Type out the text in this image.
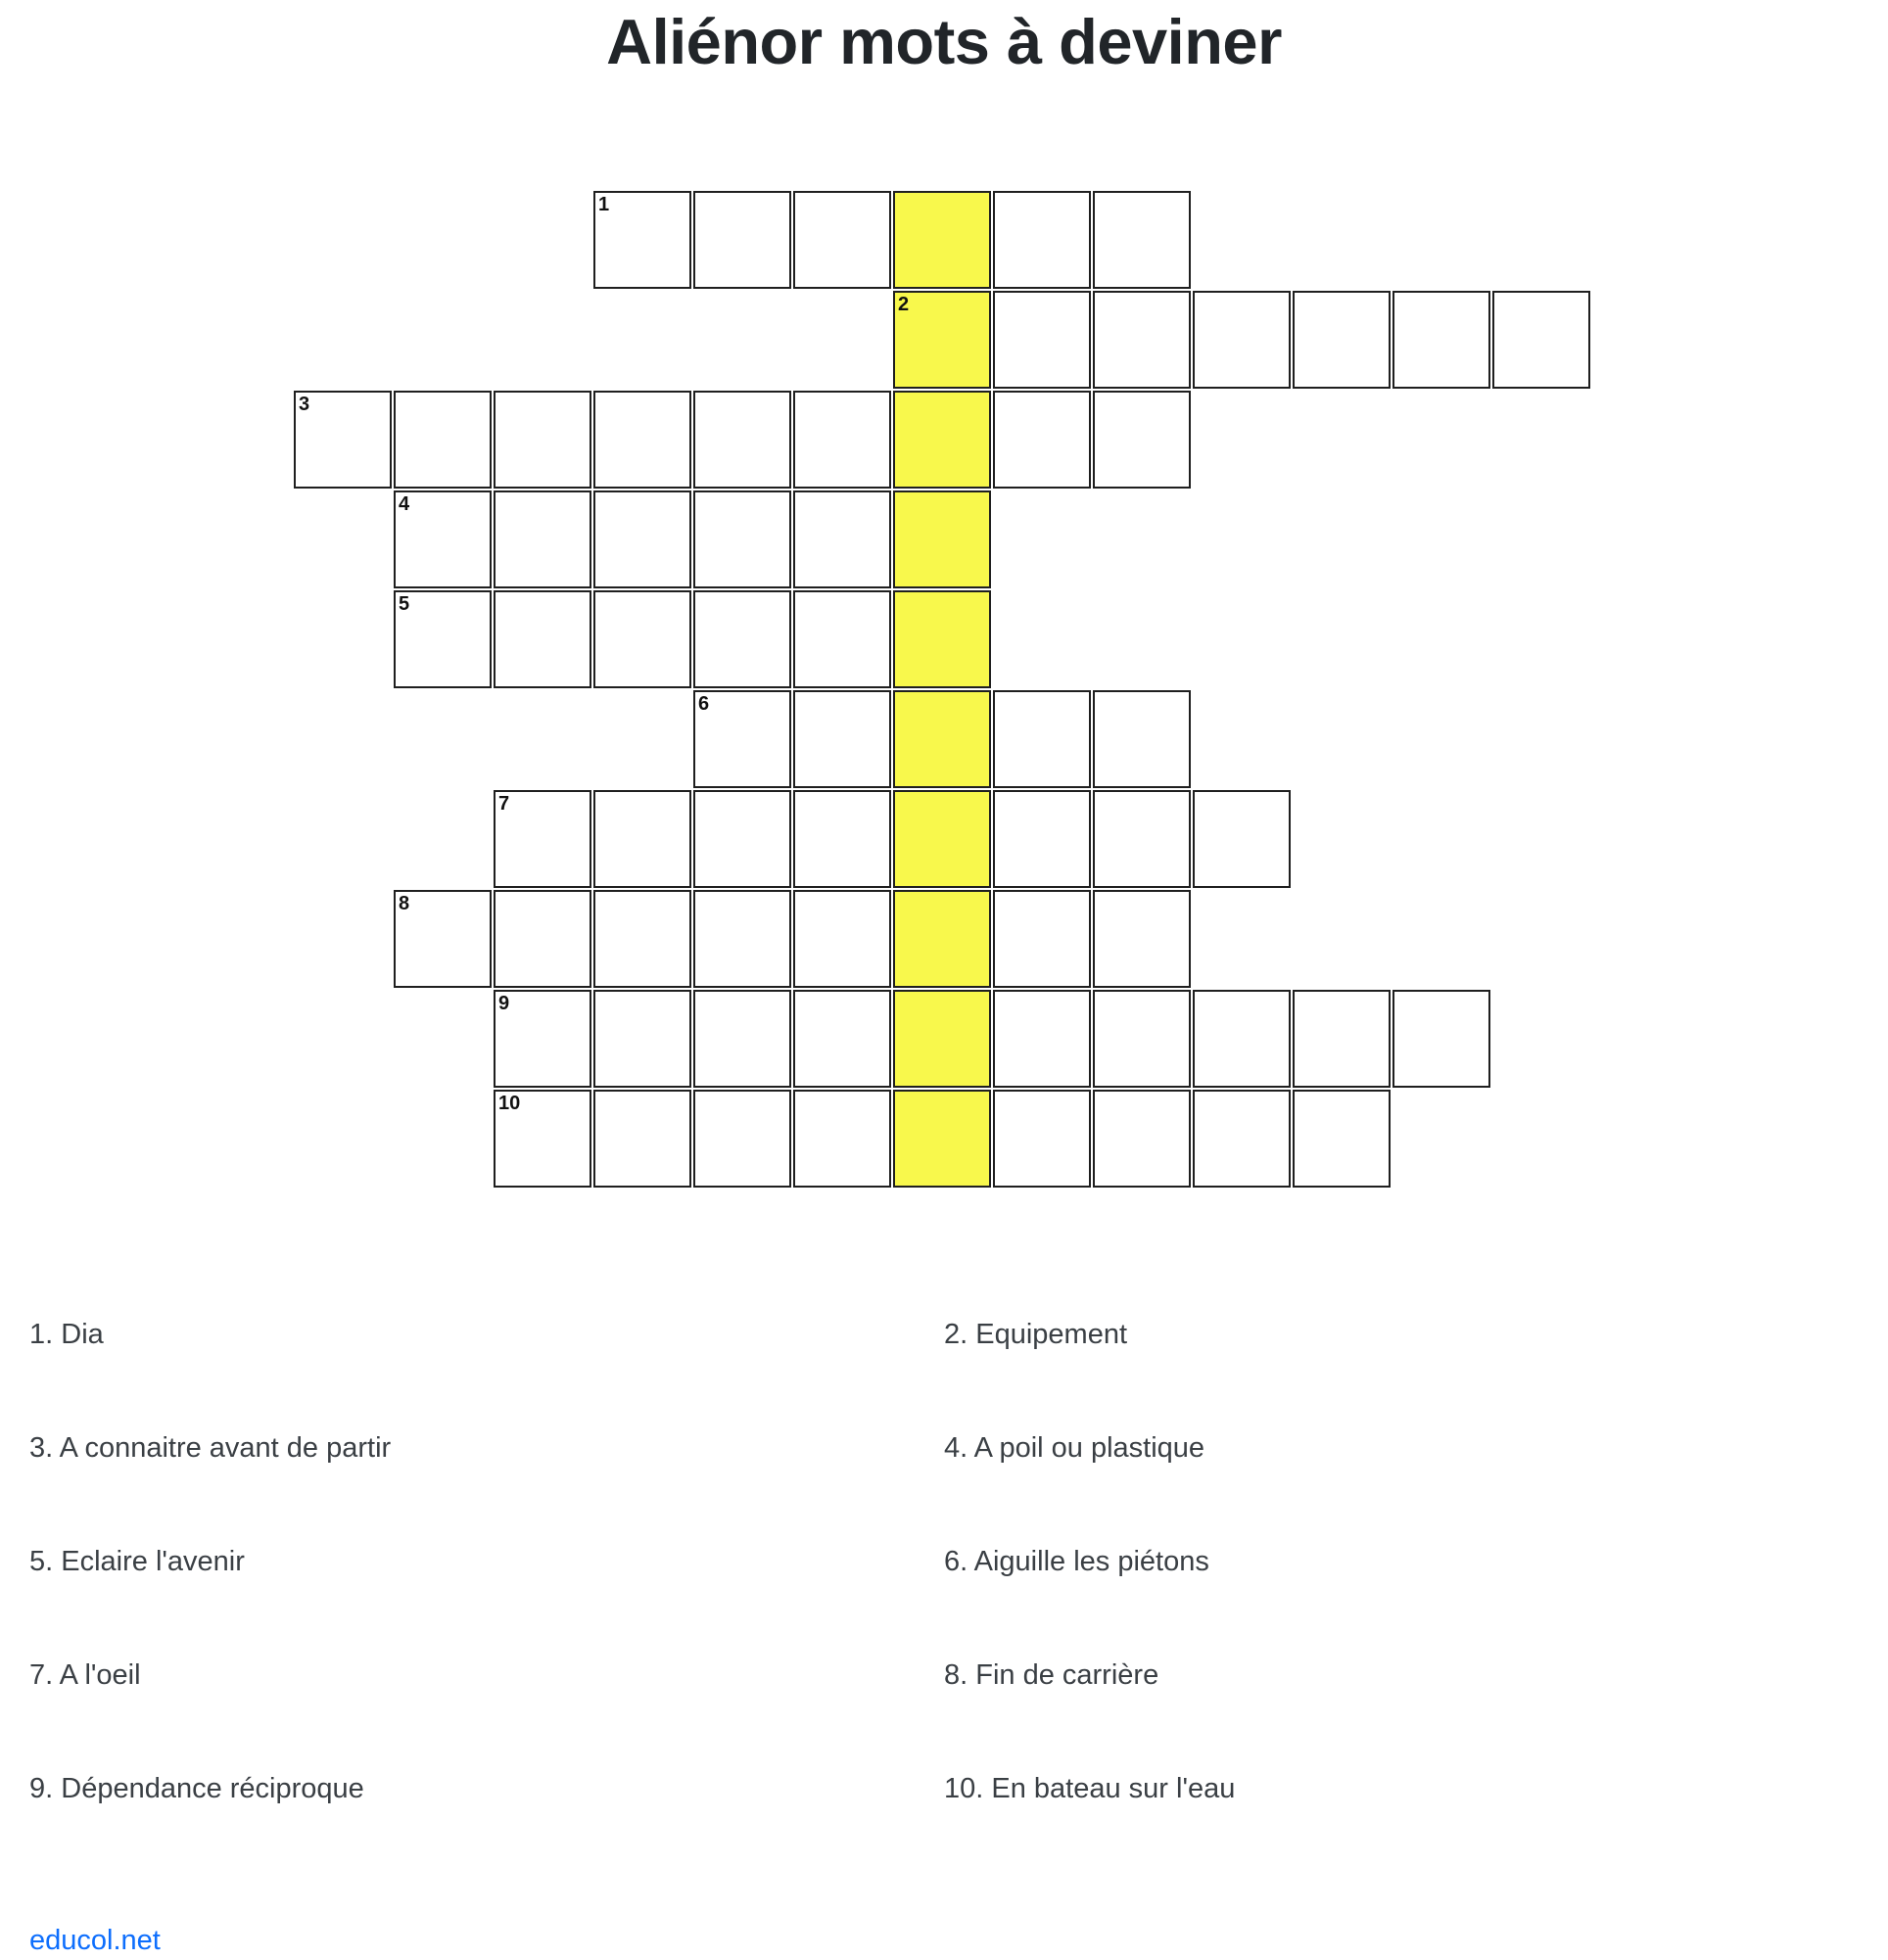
Aliénor mots à deviner
1
2
3
4
5
6
7
8
9
10
1. Dia	2. Equipement
3. A connaitre avant de partir	4. A poil ou plastique
5. Eclaire l'avenir	6. Aiguille les piétons
7. A l'oeil	8. Fin de carrière
9. Dépendance réciproque	10. En bateau sur l'eau
educol.net
